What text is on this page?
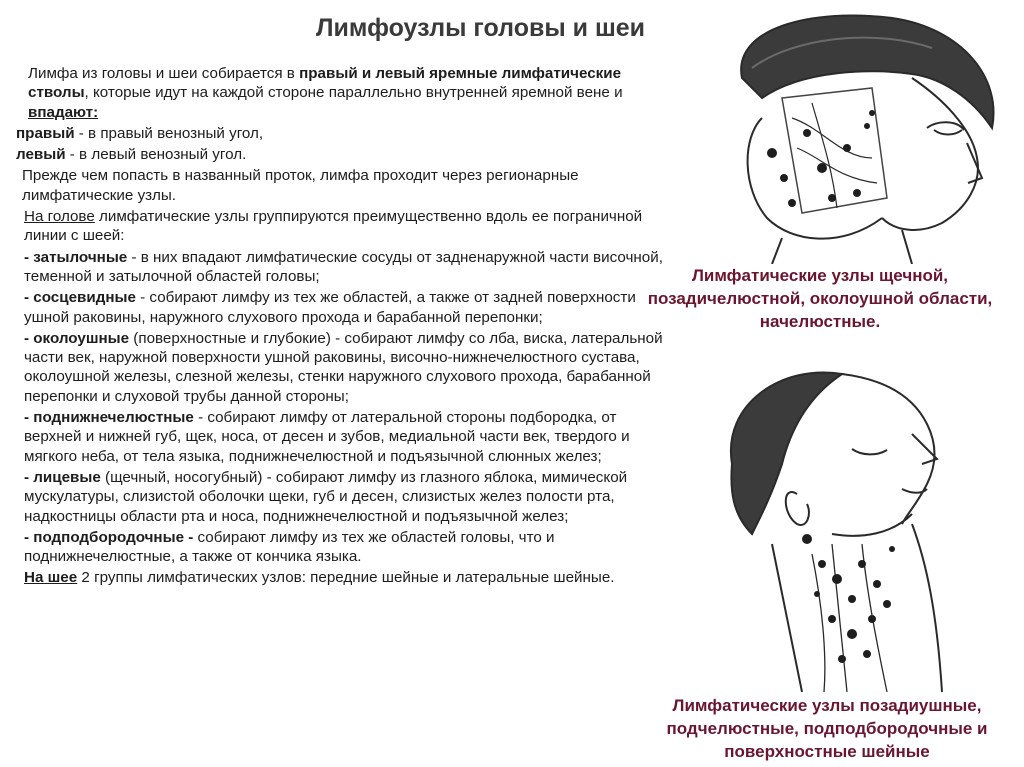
Лимфоузлы головы и шеи

Лимфа из головы и шеи собирается в правый и левый яремные лимфатические стволы, которые идут на каждой стороне параллельно внутренней яремной вене и впадают:

правый - в правый венозный угол,

левый - в левый венозный угол.

Прежде чем попасть в названный проток, лимфа проходит через регионарные лимфатические узлы.

На голове лимфатические узлы группируются преимущественно вдоль ее пограничной линии с шеей:

- затылочные - в них впадают лимфатические сосуды от задненаружной части височной, теменной и затылочной областей головы;

- сосцевидные - собирают лимфу из тех же областей, а также от задней поверхности ушной раковины, наружного слухового прохода и барабанной перепонки;

- околоушные (поверхностные и глубокие) - собирают лимфу со лба, виска, латеральной части век, наружной поверхности ушной раковины, височно-нижнечелюстного сустава, околоушной железы, слезной железы, стенки наружного слухового прохода, барабанной перепонки и слуховой трубы данной стороны;

- поднижнечелюстные - собирают лимфу от латеральной стороны подбородка, от верхней и нижней губ, щек, носа, от десен и зубов, медиальной части век, твердого и мягкого неба, от тела языка, поднижнечелюстной и подъязычной слюнных желез;

- лицевые (щечный, носогубный) - собирают лимфу из глазного яблока, мимической мускулатуры, слизистой оболочки щеки, губ и десен, слизистых желез полости рта, надкостницы области рта и носа, поднижнечелюстной и подъязычной желез;

- подподбородочные - собирают лимфу из тех же областей головы, что и поднижнечелюстные, а также от кончика языка.

На шее 2 группы лимфатических узлов: передние шейные и латеральные шейные.

Лимфатические узлы щечной, позадичелюстной, околоушной области, начелюстные.
Лимфатические узлы позадиушные, подчелюстные, подподбородочные и поверхностные шейные
